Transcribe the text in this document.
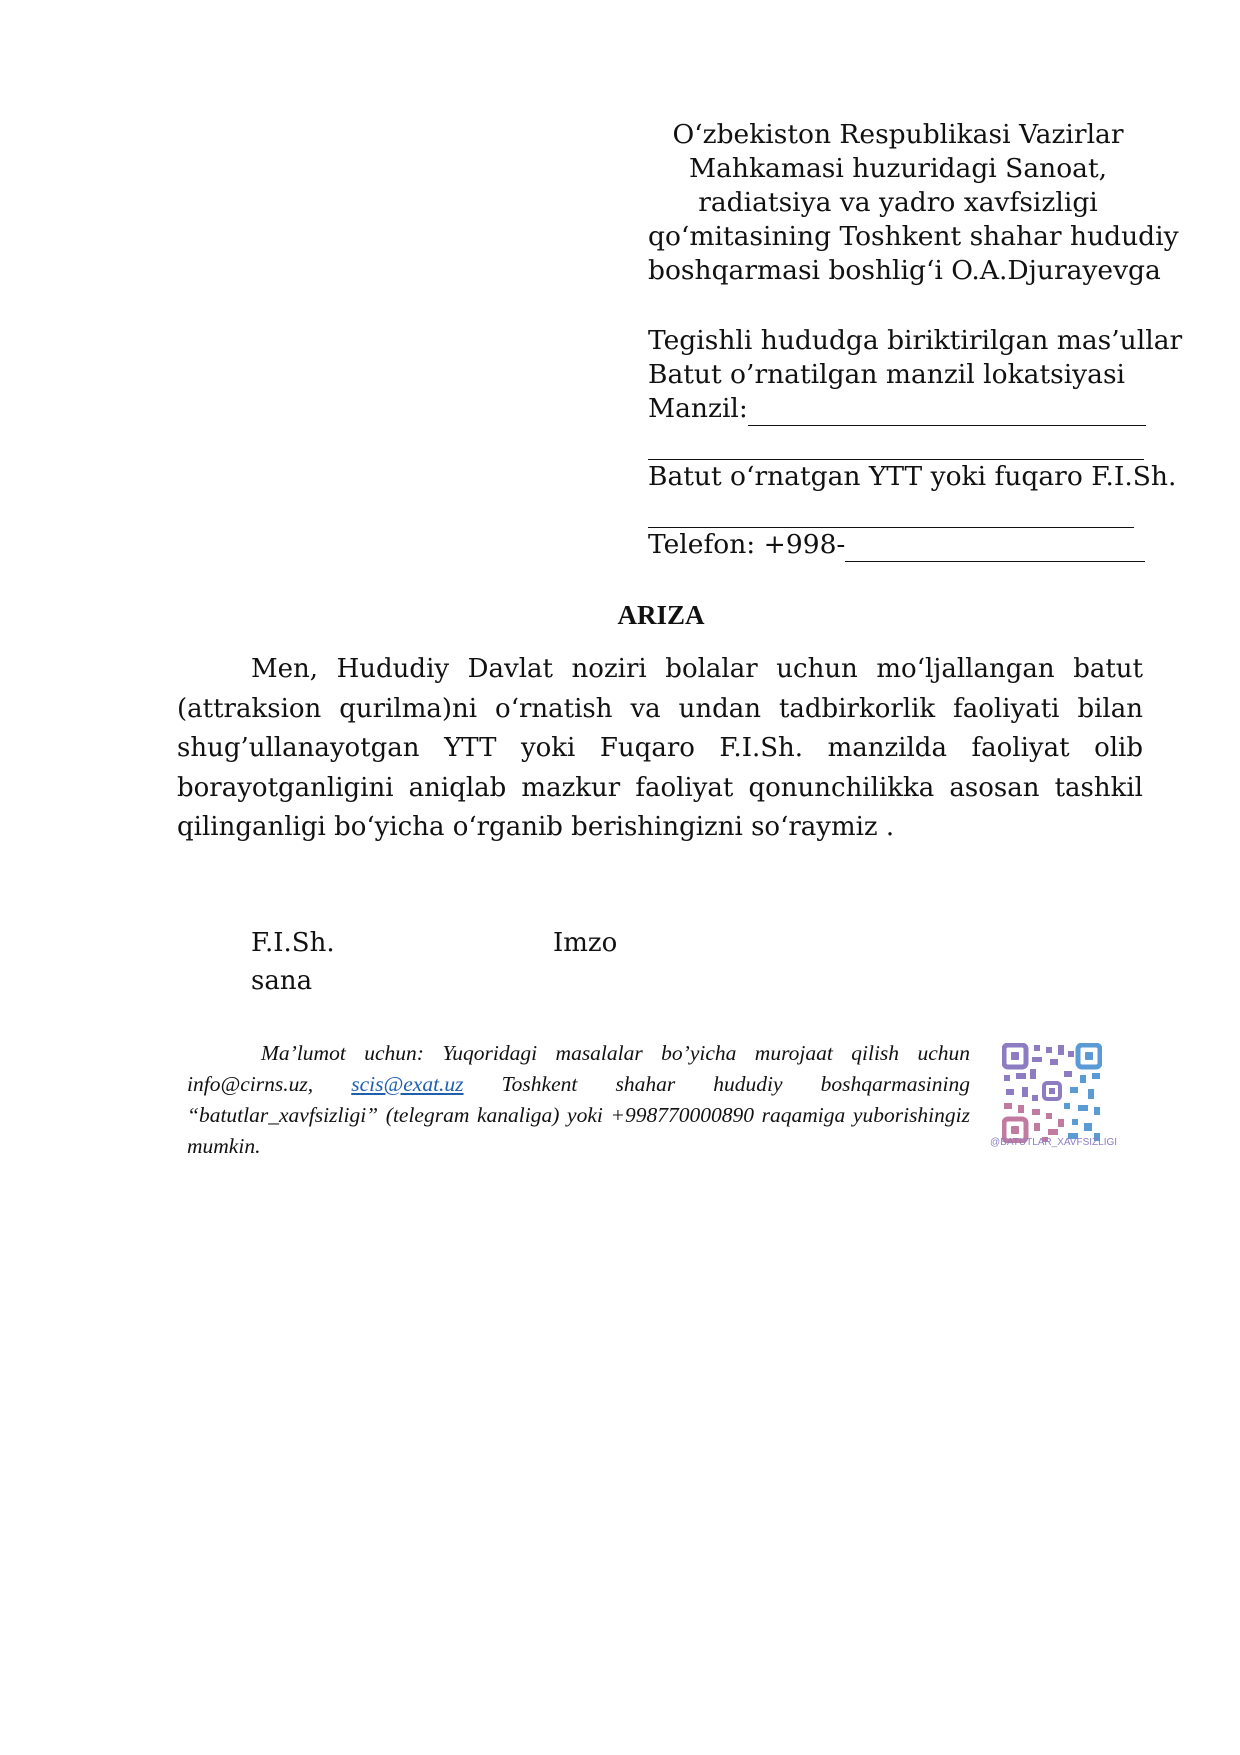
O‘zbekiston Respublikasi Vazirlar
Mahkamasi huzuridagi Sanoat,
radiatsiya va yadro xavfsizligi
qo‘mitasining Toshkent shahar hududiy
boshqarmasi boshlig‘i O.A.Djurayevga
Tegishli hududga biriktirilgan mas’ullar
Batut o’rnatilgan manzil lokatsiyasi
Manzil:
Batut o‘rnatgan YTT yoki fuqaro F.I.Sh.
Telefon: +998-
ARIZA

Men, Hududiy Davlat noziri bolalar uchun mo‘ljallangan batut (attraksion qurilma)ni o‘rnatish va undan tadbirkorlik faoliyati bilan shug’ullanayotgan YTT yoki Fuqaro F.I.Sh. manzilda faoliyat olib borayotganligini aniqlab mazkur faoliyat qonunchilikka asosan tashkil qilinganligi bo‘yicha o‘rganib berishingizni so‘raymiz .

F.I.Sh.	Imzo
sana

Ma’lumot uchun: Yuqoridagi masalalar bo’yicha murojaat qilish uchun info@cirns.uz, scis@exat.uz Toshkent shahar hududiy boshqarmasining “batutlar_xavfsizligi” (telegram kanaliga) yoki +998770000890 raqamiga yuborishingiz mumkin.	@BATUTLAR_XAVFSIZLIGI
